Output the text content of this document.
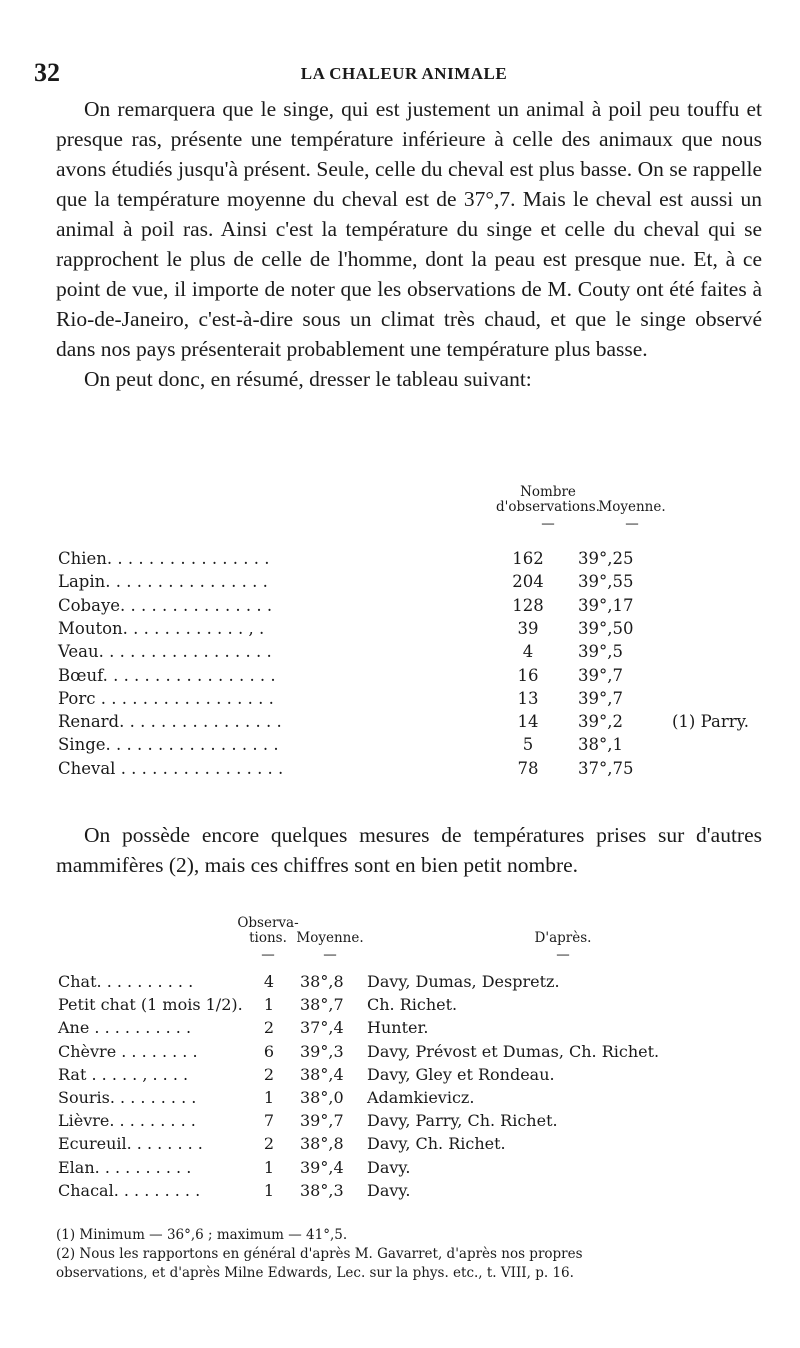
32	LA CHALEUR ANIMALE

On remarquera que le singe, qui est justement un animal à poil peu touffu et presque ras, présente une température inférieure à celle des animaux que nous avons étudiés jusqu'à présent. Seule, celle du cheval est plus basse. On se rappelle que la température moyenne du cheval est de 37°,7. Mais le cheval est aussi un animal à poil ras. Ainsi c'est la température du singe et celle du cheval qui se rapprochent le plus de celle de l'homme, dont la peau est presque nue. Et, à ce point de vue, il importe de noter que les observations de M. Couty ont été faites à Rio-de-Janeiro, c'est-à-dire sous un climat très chaud, et que le singe observé dans nos pays présenterait probablement une température plus basse.

On peut donc, en résumé, dresser le tableau suivant:

Nombre
d'observations.
—
Moyenne.
—
Chien. . . . . . . . . . . . . . . .	162	39°,25
Lapin. . . . . . . . . . . . . . . .	204	39°,55
Cobaye. . . . . . . . . . . . . . .	128	39°,17
Mouton. . . . . . . . . . . . , .	39	39°,50
Veau. . . . . . . . . . . . . . . . .	4	39°,5
Bœuf. . . . . . . . . . . . . . . . .	16	39°,7
Porc . . . . . . . . . . . . . . . . .	13	39°,7
Renard. . . . . . . . . . . . . . . .	14	39°,2	(1) Parry.
Singe. . . . . . . . . . . . . . . . .	5	38°,1
Cheval . . . . . . . . . . . . . . . .	78	37°,75

On possède encore quelques mesures de températures prises sur d'autres mammifères (2), mais ces chiffres sont en bien petit nombre.

Observa-
tions.
—
Moyenne.
—
D'après.
—
Chat. . . . . . . . . .	4	38°,8 Davy, Dumas, Despretz.
Petit chat (1 mois 1/2).	1	38°,7 Ch. Richet.
Ane . . . . . . . . . .	2	37°,4 Hunter.
Chèvre . . . . . . . .	6	39°,3 Davy, Prévost et Dumas, Ch. Richet.
Rat . . . . . , . . . .	2	38°,4 Davy, Gley et Rondeau.
Souris. . . . . . . . .	1	38°,0 Adamkievicz.
Lièvre. . . . . . . . .	7	39°,7 Davy, Parry, Ch. Richet.
Ecureuil. . . . . . . .	2	38°,8 Davy, Ch. Richet.
Elan. . . . . . . . . .	1	39°,4 Davy.
Chacal. . . . . . . . .	1	38°,3 Davy.
(1) Minimum — 36°,6 ; maximum — 41°,5.
(2) Nous les rapportons en général d'après M. Gavarret, d'après nos propres
observations, et d'après Milne Edwards, Lec. sur la phys. etc., t. VIII, p. 16.
